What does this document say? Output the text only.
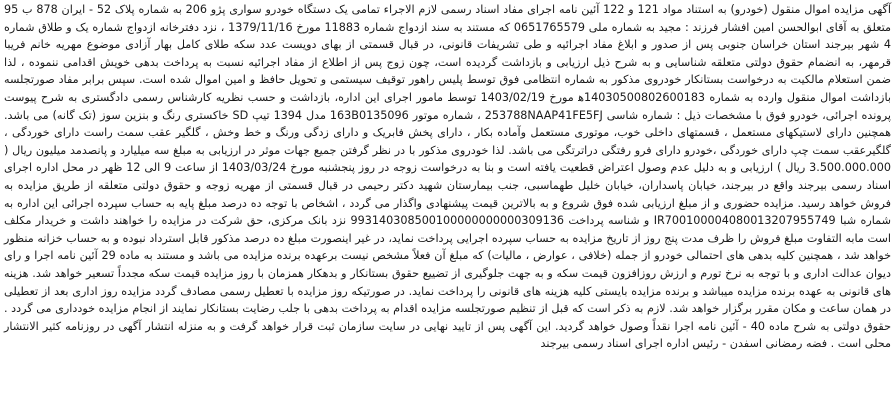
آگهی مزایده اموال منقول (خودرو) به استناد مواد 121 و 122 آئین نامه اجرای مفاد اسناد رسمی لازم الاجراء تمامی یک دستگاه خودرو سواری پژو 206 به شماره پلاک 52 - ایران 878 ب 95 متعلق به آقای ابوالحسن امین افشار فرزند : مجید به شماره ملی 0651765579 که مستند به سند ازدواج شماره 11883 مورخ 1379/11/16 ، نزد دفترخانه ازدواج شماره یک و طلاق شماره 4 شهر بیرجند استان خراسان جنوبی پس از صدور و ابلاغ مفاد اجرائیه و طی تشریفات قانونی، در قبال قسمتی از بهای دویست عدد سکه طلای کامل بهار آزادی موضوع مهریه خانم فریبا قرمهر، به انضمام حقوق دولتی متعلقه شناسایی و به شرح ذیل ارزیابی و بازداشت گردیده است، چون زوج پس از اطلاع از مفاد اجرائیه نسبت به پرداخت بدهی خویش اقدامی ننموده ، لذا ضمن استعلام مالکیت به درخواست بستانکار خودروی مذکور به شماره انتظامی فوق توسط پلیس راهور توقیف سیستمی و تحویل حافظ و امین اموال شده است. سپس برابر مفاد صورتجلسه بازداشت اموال منقول وارده به شماره 14030500802600183ﻫ مورخ 1403/02/19 توسط مامور اجرای این اداره، بازداشت و حسب نظریه کارشناس رسمی دادگستری به شرح پیوست پرونده اجرائی، خودرو فوق با مشخصات ذیل : شماره شاسی 253788NAAP41FE5FJ ، شماره موتور 163B0135096 مدل 1394 تیپ SD خاکستری رنگ و بنزین سوز (تک گانه) می باشد. همچنین دارای لاستیکهای مستعمل ، قسمتهای داخلی خوب، موتوری مستعمل وآماده بکار ، دارای پخش فابریک و دارای زدگی ورنگ و خط وخش ، گلگیر عقب سمت راست دارای خوردگی ، گلگیرعقب سمت چپ دارای خوردگی ،خودرو دارای فرو رفتگی دراترتگی می باشد. لذا خودروی مذکور با در نظر گرفتن جمیع جهات موثر در ارزیابی به مبلغ سه میلیارد و پانصدمد میلیون ریال ( 3.500.000.000 ریال ) ارزیابی و به دلیل عدم وصول اعتراض قطعیت یافته است و بنا به درخواست زوجه در روز پنجشنبه مورخ 1403/03/24 از ساعت 9 الی 12 ظهر در محل اداره اجرای اسناد رسمی بیرجند واقع در بیرجند، خیابان پاسداران، خیابان خلیل طهماسبی، جنب بیمارستان شهید دکتر رحیمی در قبال قسمتی از مهریه زوجه و حقوق دولتی متعلقه از طریق مزایده به فروش خواهد رسید. مزایده حضوری و از مبلغ ارزیابی شده فوق شروع و به بالاترین قیمت پیشنهادی واگذار می گردد ، اشخاص با توجه ده درصد مبلغ پایه به حساب سپرده اجرائی این اداره به شماره شبا IR700100004080013207955749 و شناسه پرداخت 993140308500100000000000309136 نزد بانک مرکزی، حق شرکت در مزایده را خواهند داشت و خریدار مکلف است مابه التفاوت مبلغ فروش را ظرف مدت پنج روز از تاریخ مزایده به حساب سپرده اجرایی پرداخت نماید، در غیر اینصورت مبلغ ده درصد مذکور قابل استرداد نبوده و به حساب خزانه منظور خواهد شد ، همچنین کلیه بدهی های احتمالی خودرو از جمله (خلافی ، عوارض ، مالیات) که مبلغ آن فعلاً مشخص نیست برعهده برنده مزایده می باشد و مستند به ماده 29 آئین نامه اجرا و رای دیوان عدالت اداری و با توجه به نرخ تورم و ارزش روزافزون قیمت سکه و به جهت جلوگیری از تضییع حقوق بستانکار و بدهکار همزمان با روز مزایده قیمت سکه مجدداً تسعیر خواهد شد. هزینه های قانونی به عهده برنده مزایده میباشد و برنده مزایده بایستی کلیه هزینه های قانونی را پرداخت نماید. در صورتیکه روز مزایده با تعطیل رسمی مصادف گردد مزایده روز اداری بعد از تعطیلی در همان ساعت و مکان مقرر برگزار خواهد شد. لازم به ذکر است که قبل از تنظیم صورتجلسه مزایده اقدام به پرداخت بدهی با جلب رضایت بستانکار نمایند از انجام مزایده خودداری می گردد . حقوق دولتی به شرح ماده 40 - آئین نامه اجرا نقداً وصول خواهد گردید. این آگهی پس از تایید نهایی در سایت سازمان ثبت قرار خواهد گرفت و به منزله انتشار آگهی در روزنامه کثیر الانتشار محلی است . فضه رمضانی اسفدن - رئیس اداره اجرای اسناد رسمی بیرجند
